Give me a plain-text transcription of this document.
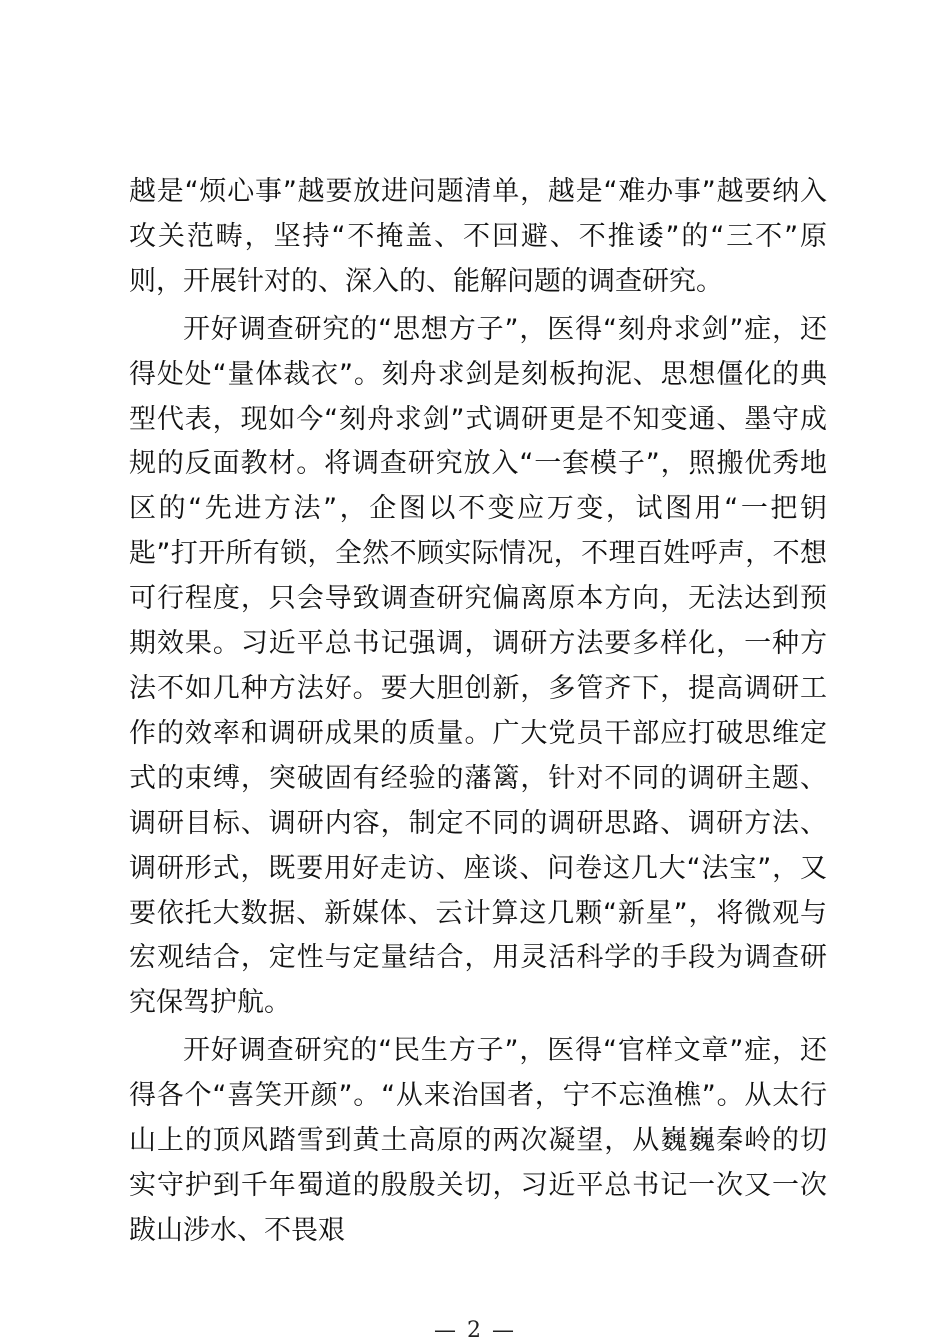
越是“烦心事”越要放进问题清单，越是“难办事”越要纳入攻关范畴，坚持“不掩盖、不回避、不推诿”的“三不”原则，开展针对的、深入的、能解问题的调查研究。

开好调查研究的“思想方子”，医得“刻舟求剑”症，还得处处“量体裁衣”。刻舟求剑是刻板拘泥、思想僵化的典型代表，现如今“刻舟求剑”式调研更是不知变通、墨守成规的反面教材。将调查研究放入“一套模子”，照搬优秀地区的“先进方法”，企图以不变应万变，试图用“一把钥匙”打开所有锁，全然不顾实际情况，不理百姓呼声，不想可行程度，只会导致调查研究偏离原本方向，无法达到预期效果。习近平总书记强调，调研方法要多样化，一种方法不如几种方法好。要大胆创新，多管齐下，提高调研工作的效率和调研成果的质量。广大党员干部应打破思维定式的束缚，突破固有经验的藩篱，针对不同的调研主题、调研目标、调研内容，制定不同的调研思路、调研方法、调研形式，既要用好走访、座谈、问卷这几大“法宝”，又要依托大数据、新媒体、云计算这几颗“新星”，将微观与宏观结合，定性与定量结合，用灵活科学的手段为调查研究保驾护航。

开好调查研究的“民生方子”，医得“官样文章”症，还得各个“喜笑开颜”。“从来治国者，宁不忘渔樵”。从太行山上的顶风踏雪到黄土高原的两次凝望，从巍巍秦岭的切实守护到千年蜀道的殷殷关切，习近平总书记一次又一次跋山涉水、不畏艰

— 2 —
